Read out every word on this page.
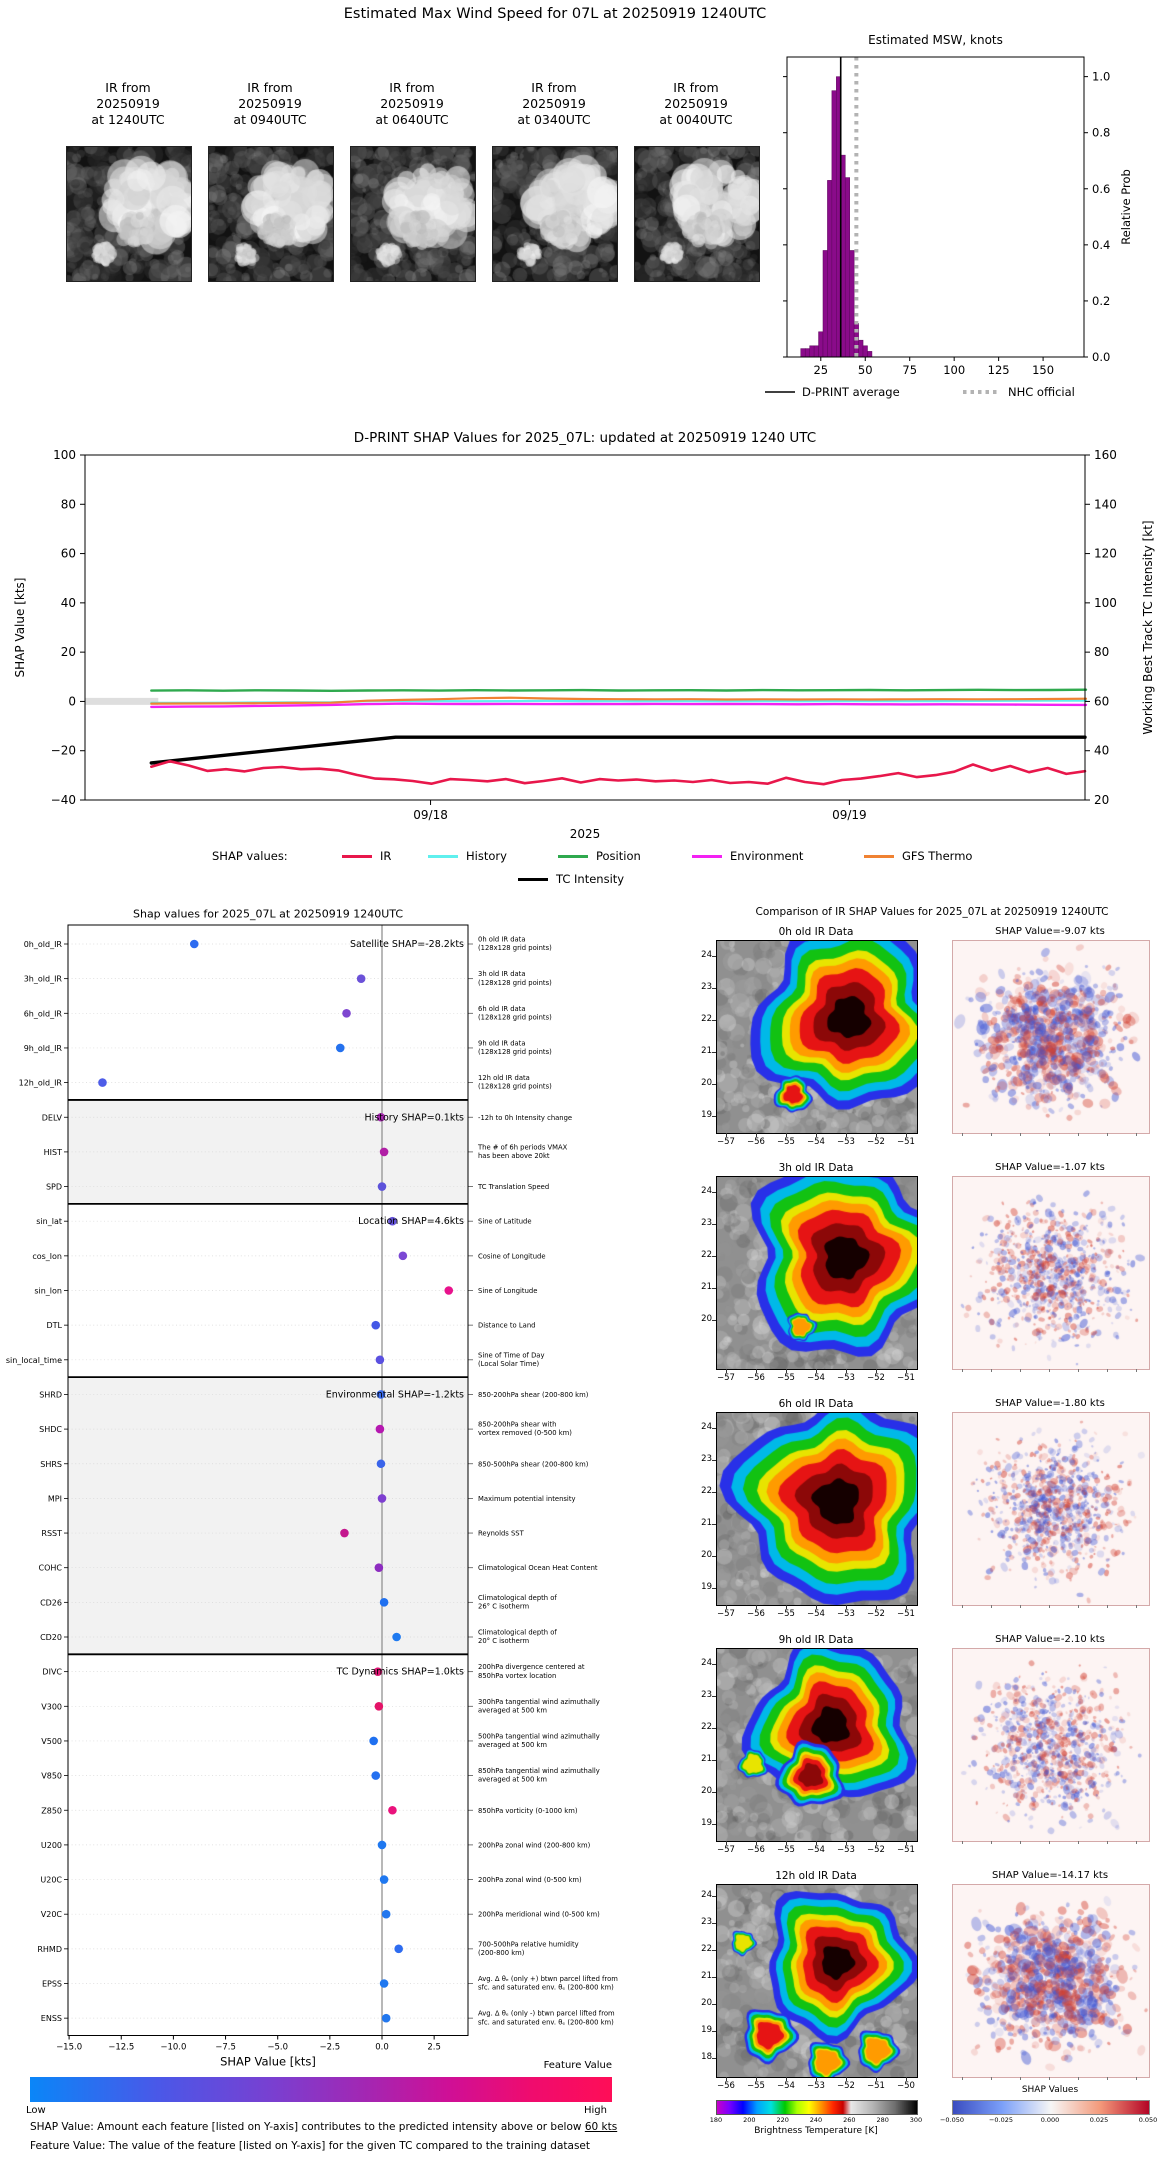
Estimated Max Wind Speed for 07L at 20250919 1240UTC
IR from
20250919
at 1240UTC
IR from
20250919
at 0940UTC
IR from
20250919
at 0640UTC
IR from
20250919
at 0340UTC
IR from
20250919
at 0040UTC
Estimated MSW, knots
25	50	75 100 125 150
0.0
0.2
0.4
0.6
0.8
1.0
Relative Prob
D-PRINT average	NHC official
D-PRINT SHAP Values for 2025_07L: updated at 20250919 1240 UTC
100
80
60
40
20
0
−20
−40
160
140
120
100
80
60
40
20
09/18	09/19
2025
SHAP Value [kts]	Working Best Track TC Intensity [kt]
SHAP values:	IR	History	Position	Environment	GFS Thermo
TC Intensity
Shap values for 2025_07L at 20250919 1240UTC
0h_old_IR
0h old IR data
(128x128 grid points)
3h_old_IR
3h old IR data
(128x128 grid points)
6h_old_IR
6h old IR data
(128x128 grid points)
9h_old_IR
9h old IR data
(128x128 grid points)
12h_old_IR
12h old IR data
(128x128 grid points)
DELV	-12h to 0h Intensity change
HIST
The # of 6h periods VMAX
has been above 20kt
SPD	TC Translation Speed
sin_lat	Sine of Latitude
cos_lon	Cosine of Longitude
sin_lon	Sine of Longitude
DTL	Distance to Land
sin_local_time
Sine of Time of Day
(Local Solar Time)
SHRD	850-200hPa shear (200-800 km)
SHDC
850-200hPa shear with
vortex removed (0-500 km)
SHRS	850-500hPa shear (200-800 km)
MPI	Maximum potential intensity
RSST	Reynolds SST
COHC	Climatological Ocean Heat Content
CD26
Climatological depth of
26° C isotherm
CD20
Climatological depth of
20° C isotherm
DIVC
200hPa divergence centered at
850hPa vortex location
V300
300hPa tangential wind azimuthally
averaged at 500 km
V500
500hPa tangential wind azimuthally
averaged at 500 km
V850
850hPa tangential wind azimuthally
averaged at 500 km
Z850	850hPa vorticity (0-1000 km)
U200	200hPa zonal wind (200-800 km)
U20C	200hPa zonal wind (0-500 km)
V20C	200hPa meridional wind (0-500 km)
RHMD
700-500hPa relative humidity
(200-800 km)
EPSS
Avg. Δ θₑ (only +) btwn parcel lifted from
sfc. and saturated env. θₑ (200-800 km)
ENSS
Avg. Δ θₑ (only -) btwn parcel lifted from
sfc. and saturated env. θₑ (200-800 km)
Satellite SHAP=-28.2kts
History SHAP=0.1kts
Location SHAP=4.6kts
Environmental SHAP=-1.2kts
TC Dynamics SHAP=1.0kts
−15.0	−12.5	−10.0	−7.5	−5.0	−2.5	0.0	2.5
SHAP Value [kts]
Comparison of IR SHAP Values for 2025_07L at 20250919 1240UTC
0h old IR Data	SHAP Value=-9.07 kts
24
23
22
21
20
19
−57	−56	−55	−54	−53	−52	−51
3h old IR Data	SHAP Value=-1.07 kts
24
23
22
21
20
−57	−56	−55	−54	−53	−52	−51
6h old IR Data	SHAP Value=-1.80 kts
24
23
22
21
20
19
−57	−56	−55	−54	−53	−52	−51
9h old IR Data	SHAP Value=-2.10 kts
24
23
22
21
20
19
−57	−56	−55	−54	−53	−52	−51
12h old IR Data	SHAP Value=-14.17 kts
24
23
22
21
20
19
18
−56	−55	−54	−53	−52	−51	−50
180	200	220	240	260	280	300
Brightness Temperature [K]
SHAP Values
−0.050	−0.025	0.000	0.025	0.050
Feature Value
Low	High
SHAP Value: Amount each feature [listed on Y-axis] contributes to the predicted intensity above or below 60 kts
Feature Value: The value of the feature [listed on Y-axis] for the given TC compared to the training dataset
